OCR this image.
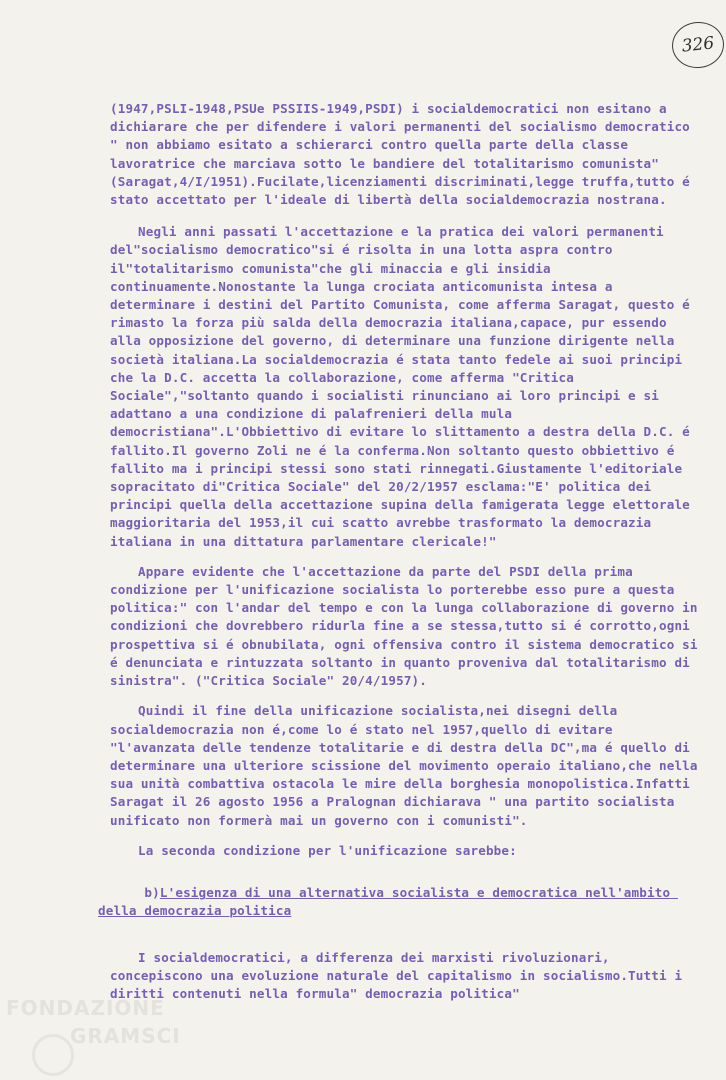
326

(1947,PSLI-1948,PSUe PSSIIS-1949,PSDI) i socialdemocratici non esitano a dichiarare che per difendere i valori permanenti del socialismo democratico " non abbiamo esitato a schierarci contro quella parte della classe lavoratrice che marciava sotto le bandiere del totalitarismo comunista"(Saragat,4/I/1951).Fucilate,licenziamenti discriminati,legge truffa,tutto é stato accettato per l'ideale di libertà della socialdemocrazia nostrana.

Negli anni passati l'accettazione e la pratica dei valori permanenti del"socialismo democratico"si é risolta in una lotta aspra contro il"totalitarismo comunista"che gli minaccia e gli insidia continuamente.Nonostante la lunga crociata anticomunista intesa a determinare i destini del Partito Comunista, come afferma Saragat, questo é rimasto la forza più salda della democrazia italiana,capace, pur essendo alla opposizione del governo, di determinare una funzione dirigente nella società italiana.La socialdemocrazia é stata tanto fedele ai suoi principi che la D.C. accetta la collaborazione, come afferma "Critica Sociale","soltanto quando i socialisti rinunciano ai loro principi e si adattano a una condizione di palafrenieri della mula democristiana".L'Obbiettivo di evitare lo slittamento a destra della D.C. é fallito.Il governo Zoli ne é la conferma.Non soltanto questo obbiettivo é fallito ma i principi stessi sono stati rinnegati.Giustamente l'editoriale sopracitato di"Critica Sociale" del 20/2/1957 esclama:"E' politica dei principi quella della accettazione supina della famigerata legge elettorale maggioritaria del 1953,il cui scatto avrebbe trasformato la democrazia italiana in una dittatura parlamentare clericale!"

Appare evidente che l'accettazione da parte del PSDI della prima condizione per l'unificazione socialista lo porterebbe esso pure a questa politica:" con l'andar del tempo e con la lunga collaborazione di governo in condizioni che dovrebbero ridurla fine a se stessa,tutto si é corrotto,ogni prospettiva si é obnubilata, ogni offensiva contro il sistema democratico si é denunciata e rintuzzata soltanto in quanto proveniva dal totalitarismo di sinistra". ("Critica Sociale" 20/4/1957).

Quindi il fine della unificazione socialista,nei disegni della socialdemocrazia non é,come lo é stato nel 1957,quello di evitare "l'avanzata delle tendenze totalitarie e di destra della DC",ma é quello di determinare una ulteriore scissione del movimento operaio italiano,che nella sua unità combattiva ostacola le mire della borghesia monopolistica.Infatti Saragat il 26 agosto 1956 a Pralognan dichiarava " una partito socialista unificato non formerà mai un governo con i comunisti".

La seconda condizione per l'unificazione sarebbe:

b)L'esigenza di una alternativa socialista e democratica nell'ambito della democrazia politica

I socialdemocratici, a differenza dei marxisti rivoluzionari, concepiscono una evoluzione naturale del capitalismo in socialismo.Tutti i diritti contenuti nella formula" democrazia politica"

FONDAZIONE
GRAMSCI
